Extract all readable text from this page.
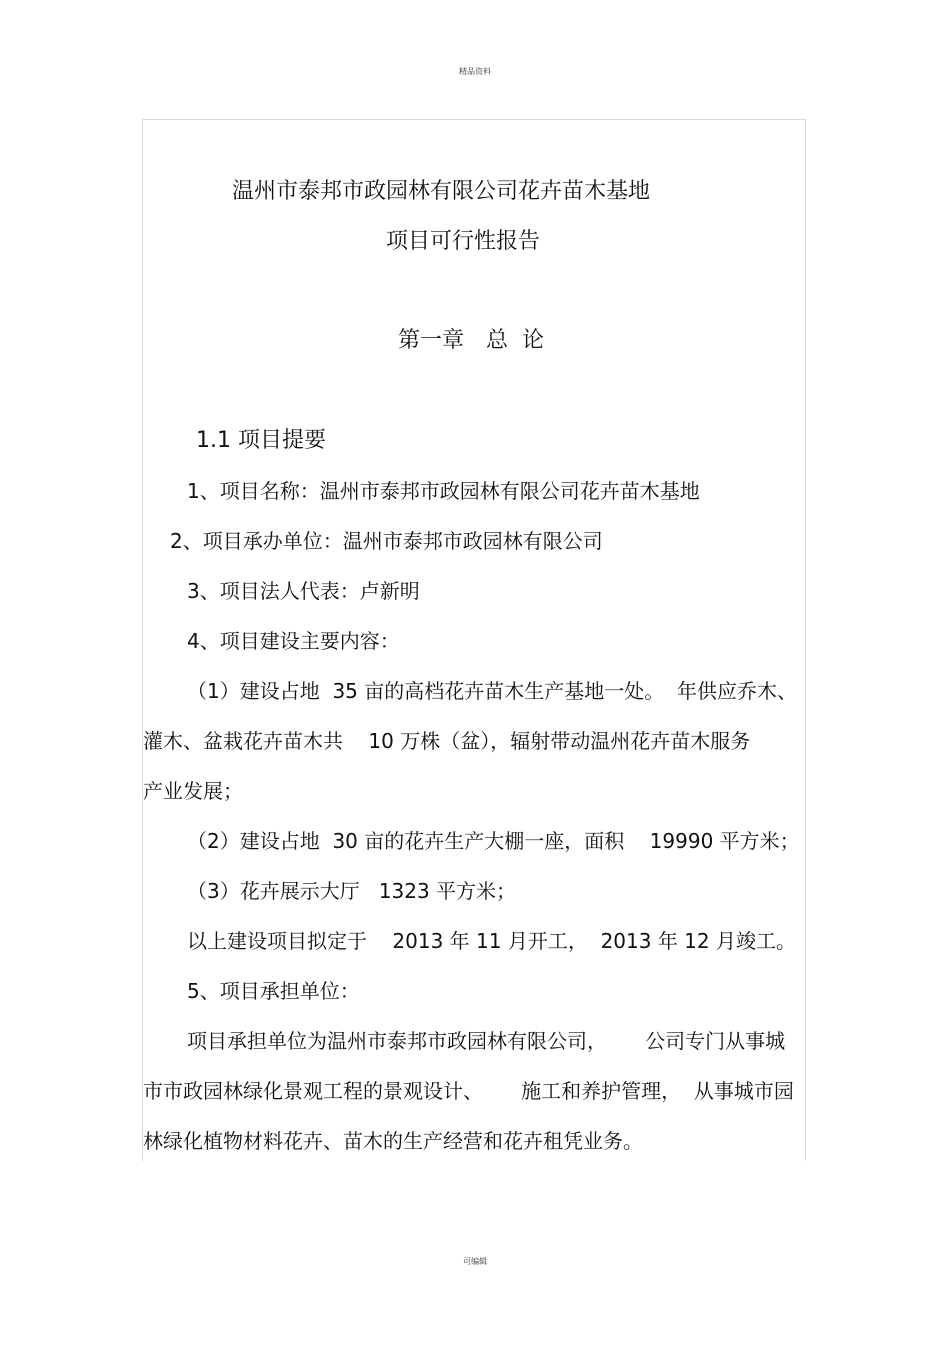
精品资料
温州市泰邦市政园林有限公司花卉苗木基地
项目可行性报告
第一章　总  论
1.1 项目提要
1、项目名称：温州市泰邦市政园林有限公司花卉苗木基地
2、项目承办单位：温州市泰邦市政园林有限公司
3、项目法人代表：卢新明
4、项目建设主要内容：
（1）建设占地  35 亩的高档花卉苗木生产基地一处。  年供应乔木、
灌木、盆栽花卉苗木共    10 万株（盆），辐射带动温州花卉苗木服务
产业发展；
（2）建设占地  30 亩的花卉生产大棚一座，面积    19990 平方米；
（3）花卉展示大厅   1323 平方米；
以上建设项目拟定于    2013 年 11 月开工，  2013 年 12 月竣工。
5、项目承担单位：
项目承担单位为温州市泰邦市政园林有限公司，      公司专门从事城
市市政园林绿化景观工程的景观设计、      施工和养护管理，  从事城市园
林绿化植物材料花卉、苗木的生产经营和花卉租凭业务。
可编辑
